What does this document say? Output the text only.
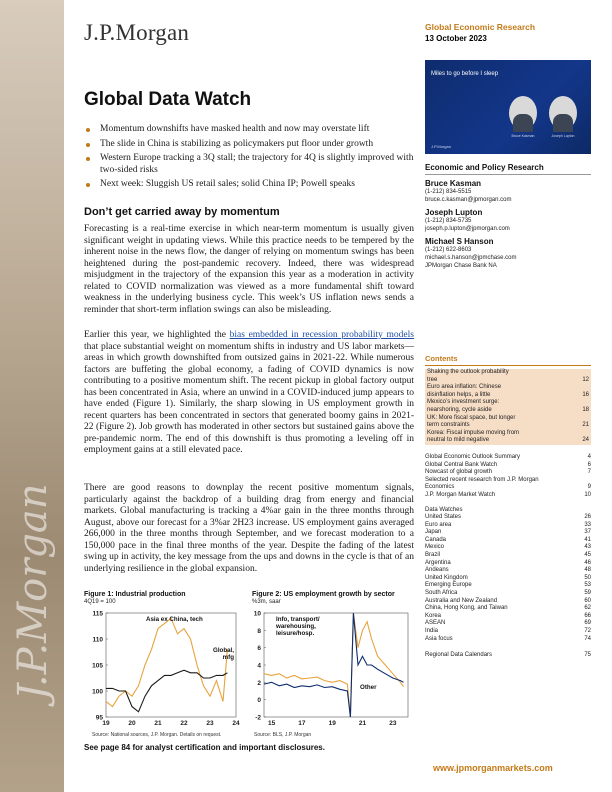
J.P.Morgan
J.P.Morgan	Global Economic Research
13 October 2023
Miles to go before I sleep
Bruce Kasman	Joseph Lupton
J.P.Morgan
Global Data Watch
Momentum downshifts have masked health and now may overstate lift
The slide in China is stabilizing as policymakers put floor under growth
Western Europe tracking a 3Q stall; the trajectory for 4Q is slightly improved with two-sided risks
Next week: Sluggish US retail sales; solid China IP; Powell speaks
Don’t get carried away by momentum

Forecasting is a real-time exercise in which near-term momentum is usually given significant weight in updating views. While this practice needs to be tempered by the inherent noise in the news flow, the danger of relying on momentum swings has been heightened during the post-pandemic recovery. Indeed, there was widespread misjudgment in the trajectory of the expansion this year as a moderation in activity related to COVID normalization was viewed as a more fundamental shift toward weakness in the underlying business cycle. This week’s US inflation news sends a reminder that short-term inflation swings can also be misleading.

Earlier this year, we highlighted the bias embedded in recession probability models that place substantial weight on momentum shifts in industry and US labor markets—areas in which growth downshifted from outsized gains in 2021-22. While numerous factors are buffeting the global economy, a fading of COVID dynamics is now contributing to a positive momentum shift. The recent pickup in global factory output has been concentrated in Asia, where an unwind in a COVID-induced jump appears to have ended (Figure 1). Similarly, the sharp slowing in US employment growth in recent quarters has been concentrated in sectors that generated boomy gains in 2021-22 (Figure 2). Job growth has moderated in other sectors but sustained gains above the pre-pandemic norm. The end of this downshift is thus promoting a leveling off in employment gains at a still elevated pace.

There are good reasons to downplay the recent positive momentum signals, particularly against the backdrop of a building drag from energy and financial markets. Global manufacturing is tracking a 4%ar gain in the three months through August, above our forecast for a 3%ar 2H23 increase. US employment gains averaged 266,000 in the three months through September, and we forecast moderation to a 150,000 pace in the final three months of the year. Despite the fading of the latest swing up in activity, the key message from the ups and downs in the cycle is that of an underlying resilience in the global expansion.

Figure 1: Industrial production
4Q19 = 100
95
100
105
110
115
19	20	21	22	23	24
Asia ex China, tech
Global,
mfg
Source: National sources, J.P. Morgan. Details on request.
Figure 2: US employment growth by sector
%3m, saar
-2
0
2
4
6
8
10
15	17	19	21	23
Info, transport/
warehousing,
leisure/hosp.
Other
Source: BLS, J.P. Morgan
See page 84 for analyst certification and important disclosures.
Economic and Policy Research
Bruce Kasman
(1-212) 834-5515
bruce.c.kasman@jpmorgan.com
Joseph Lupton
(1-212) 834-5735
joseph.p.lupton@jpmorgan.com
Michael S Hanson
(1-212) 622-8603
michael.s.hanson@jpmchase.com
JPMorgan Chase Bank NA
Contents
Shaking the outlook probability
tree	12
Euro area inflation: Chinese
disinflation helps, a little	16
Mexico’s investment surge:
nearshoring, cycle aside	18
UK: More fiscal space, but longer
term constraints	21
Korea: Fiscal impulse moving from
neutral to mild negative	24
Global Economic Outlook Summary	4
Global Central Bank Watch	6
Nowcast of global growth	7
Selected recent research from J.P. Morgan Economics	9
J.P. Morgan Market Watch	10
Data Watches
United States	26
Euro area	33
Japan	37
Canada	41
Mexico	43
Brazil	45
Argentina	46
Andeans	48
United Kingdom	50
Emerging Europe	53
South Africa	59
Australia and New Zealand	60
China, Hong Kong, and Taiwan	62
Korea	66
ASEAN	69
India	72
Asia focus	74
Regional Data Calendars	75
www.jpmorganmarkets.com
